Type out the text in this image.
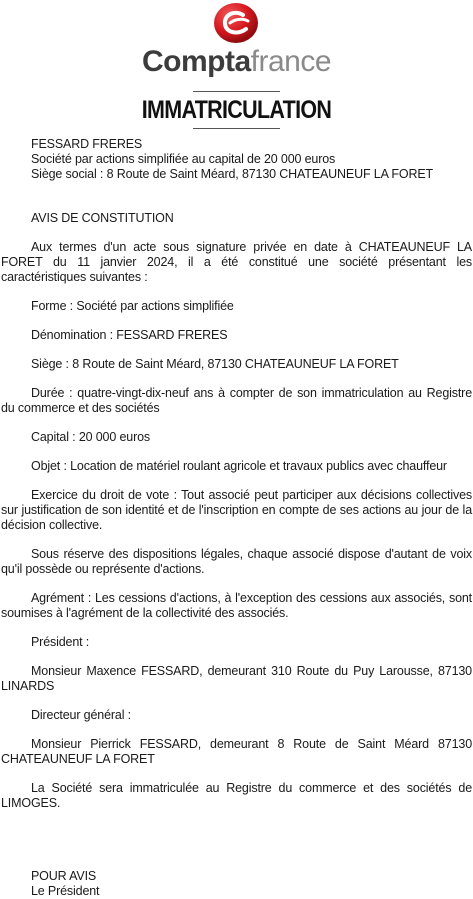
Comptafrance
IMMATRICULATION
FESSARD FRERES
Société par actions simplifiée au capital de 20 000 euros
Siège social : 8 Route de Saint Méard, 87130 CHATEAUNEUF LA FORET

AVIS DE CONSTITUTION

Aux termes d'un acte sous signature privée en date à CHATEAUNEUF LA FORET du 11 janvier 2024, il a été constitué une société présentant les caractéristiques suivantes :

Forme : Société par actions simplifiée

Dénomination : FESSARD FRERES

Siège : 8 Route de Saint Méard, 87130 CHATEAUNEUF LA FORET

Durée : quatre-vingt-dix-neuf ans à compter de son immatriculation au Registre du commerce et des sociétés

Capital : 20 000 euros

Objet : Location de matériel roulant agricole et travaux publics avec chauffeur

Exercice du droit de vote : Tout associé peut participer aux décisions collectives sur justification de son identité et de l'inscription en compte de ses actions au jour de la décision collective.

Sous réserve des dispositions légales, chaque associé dispose d'autant de voix qu'il possède ou représente d'actions.

Agrément : Les cessions d'actions, à l'exception des cessions aux associés, sont soumises à l'agrément de la collectivité des associés.

Président :

Monsieur Maxence FESSARD, demeurant 310 Route du Puy Larousse, 87130 LINARDS

Directeur général :

Monsieur Pierrick FESSARD, demeurant 8 Route de Saint Méard 87130 CHATEAUNEUF LA FORET

La Société sera immatriculée au Registre du commerce et des sociétés de LIMOGES.

POUR AVIS
Le Président
